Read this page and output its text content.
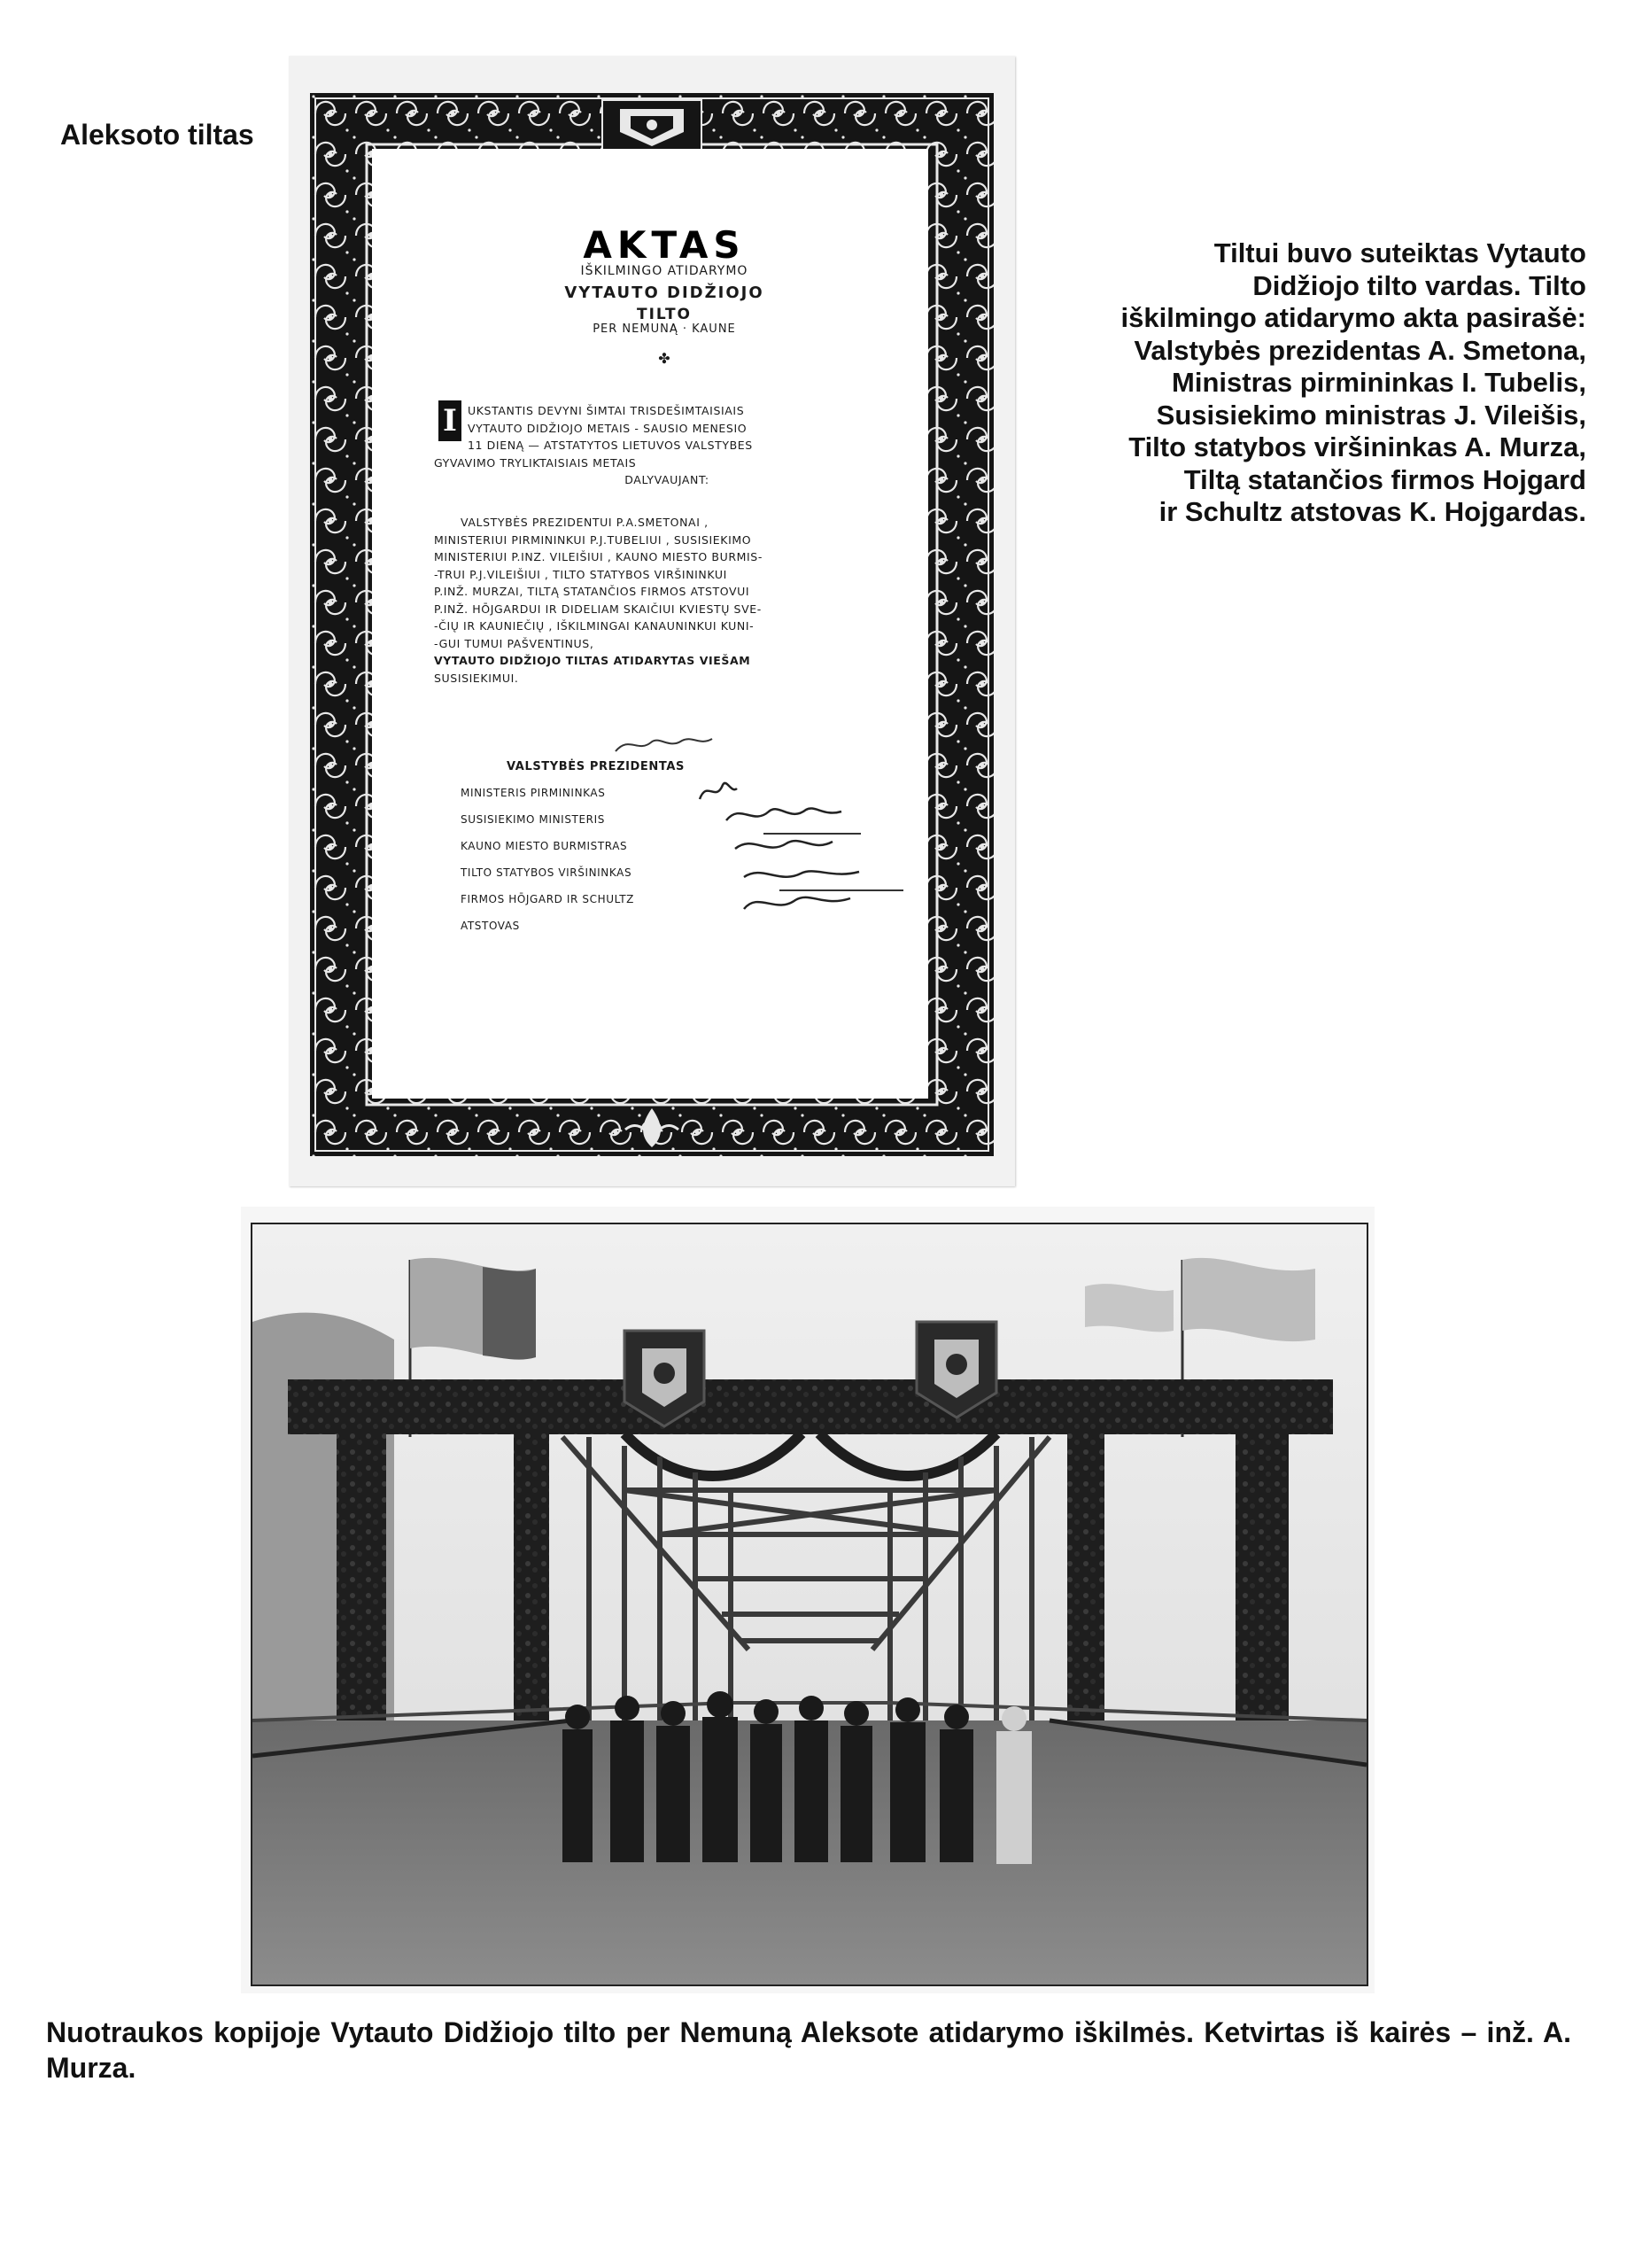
Aleksoto tiltas
AKTAS
IŠKILMINGO ATIDARYMO
VYTAUTO DIDŽIOJO
TILTO
PER NEMUNĄ · KAUNE
✤
I UKSTANTIS DEVYNI ŠIMTAI TRISDEŠIMTAISIAIS
VYTAUTO DIDŽIOJO METAIS - SAUSIO MENESIO
11 DIENĄ — ATSTATYTOS LIETUVOS VALSTYBES
GYVAVIMO TRYLIKTAISIAIS METAIS
DALYVAUJANT:
VALSTYBĖS PREZIDENTUI P.A.SMETONAI ,
MINISTERIUI PIRMININKUI P.J.TUBELIUI , SUSISIEKIMO
MINISTERIUI P.INZ. VILEIŠIUI , KAUNO MIESTO BURMIS-
-TRUI P.J.VILEIŠIUI , TILTO STATYBOS VIRŠININKUI
P.INŽ. MURZAI, TILTĄ STATANČIOS FIRMOS ATSTOVUI
P.INŽ. HŌJGARDUI IR DIDELIAM SKAIČIUI KVIESTŲ SVE-
-ČIŲ IR KAUNIEČIŲ , IŠKILMINGAI KANAUNINKUI KUNI-
-GUI TUMUI PAŠVENTINUS,
VYTAUTO DIDŽIOJO TILTAS ATIDARYTAS VIEŠAM
SUSISIEKIMUI.
VALSTYBĖS PREZIDENTAS
MINISTERIS PIRMININKAS
SUSISIEKIMO MINISTERIS
KAUNO MIESTO BURMISTRAS
TILTO STATYBOS VIRŠININKAS
FIRMOS HŌJGARD IR SCHULTZ
ATSTOVAS
Tiltui buvo suteiktas Vytauto
Didžiojo tilto vardas. Tilto
iškilmingo atidarymo akta pasirašė:
Valstybės prezidentas A. Smetona,
Ministras pirmininkas I. Tubelis,
Susisiekimo ministras J. Vileišis,
Tilto statybos viršininkas A. Murza,
Tiltą statančios firmos Hojgard
ir Schultz atstovas K. Hojgardas.
Nuotraukos kopijoje Vytauto Didžiojo tilto per Nemuną Aleksote atidarymo iškilmės. Ketvirtas iš kairės – inž. A. Murza.
